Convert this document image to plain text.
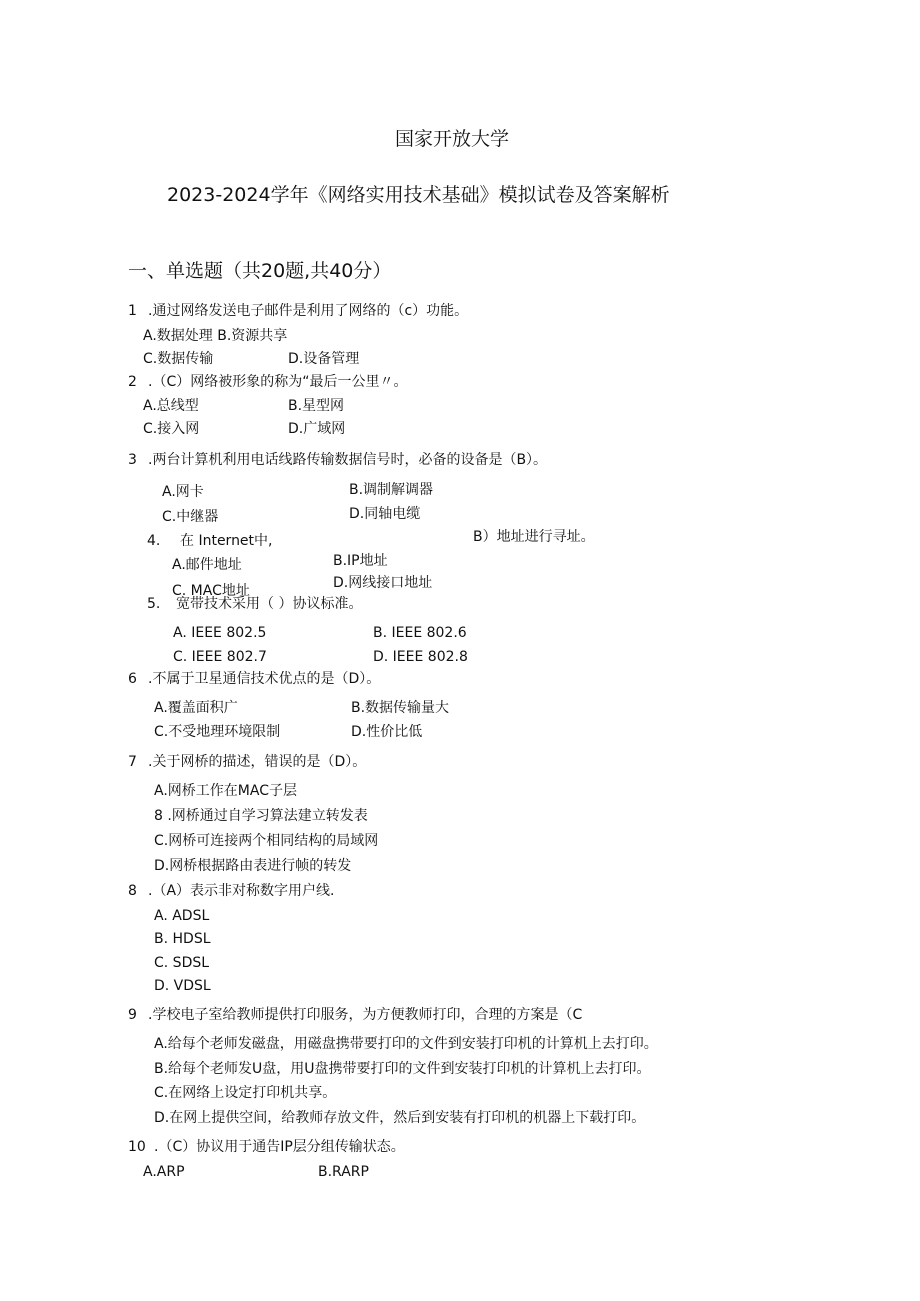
国家开放大学
2023-2024学年《网络实用技术基础》模拟试卷及答案解析
一、单选题（共20题,共40分）
1 .通过网络发送电子邮件是利用了网络的（c）功能。
A.数据处理 B.资源共享
C.数据传输	D.设备管理
2 .（C）网络被形象的称为“最后一公里〃。
A.总线型	B.星型网
C.接入网	D.广域网
3 .两台计算机利用电话线路传输数据信号时，必备的设备是（B）。
A.网卡	B.调制解调器
C.中继器	D.同轴电缆
4. 在 Internet中,	B）地址进行寻址。
A.邮件地址	B.IP地址
C. MAC地址	D.网线接口地址
5. 宽带技术采用（ ）协议标准。
A. IEEE 802.5	B. IEEE 802.6
C. IEEE 802.7	D. IEEE 802.8
6 .不属于卫星通信技术优点的是（D）。
A.覆盖面积广	B.数据传输量大
C.不受地理环境限制	D.性价比低
7 .关于网桥的描述，错误的是（D）。
A.网桥工作在MAC子层
8 .网桥通过自学习算法建立转发表
C.网桥可连接两个相同结构的局域网
D.网桥根据路由表进行帧的转发
8 .（A）表示非对称数字用户线.
A. ADSL
B. HDSL
C. SDSL
D. VDSL
9 .学校电子室给教师提供打印服务，为方便教师打印，合理的方案是（C
A.给每个老师发磁盘，用磁盘携带要打印的文件到安装打印机的计算机上去打印。
B.给每个老师发U盘，用U盘携带要打印的文件到安装打印机的计算机上去打印。
C.在网络上设定打印机共享。
D.在网上提供空间，给教师存放文件，然后到安装有打印机的机器上下载打印。
10 .（C）协议用于通告IP层分组传输状态。
A.ARP	B.RARP
